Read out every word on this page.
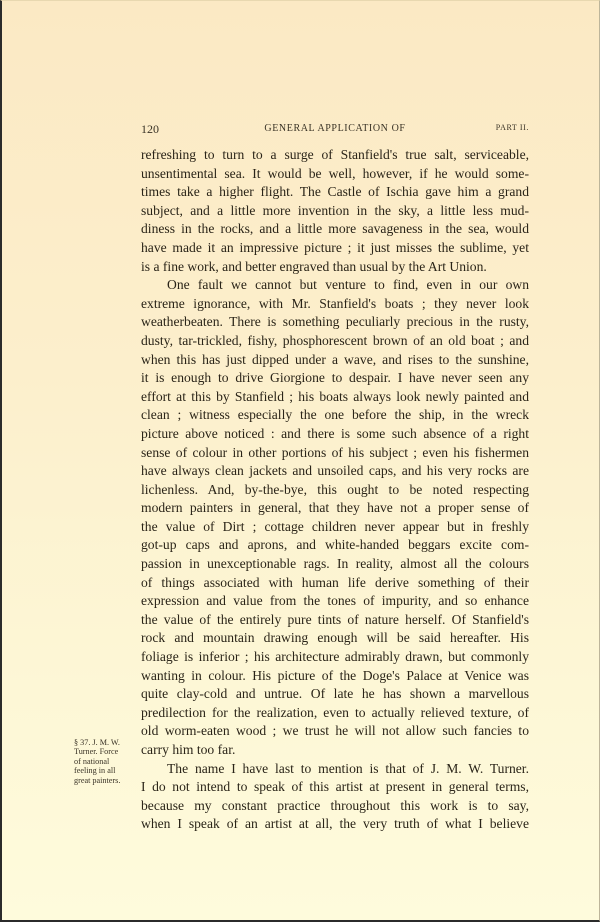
120	GENERAL APPLICATION OF	PART II.
refreshing to turn to a surge of Stanfield's true salt, serviceable,
unsentimental sea. It would be well, however, if he would some-
times take a higher flight. The Castle of Ischia gave him a grand
subject, and a little more invention in the sky, a little less mud-
diness in the rocks, and a little more savageness in the sea, would
have made it an impressive picture ; it just misses the sublime, yet
is a fine work, and better engraved than usual by the Art Union.
One fault we cannot but venture to find, even in our own
extreme ignorance, with Mr. Stanfield's boats ; they never look
weatherbeaten. There is something peculiarly precious in the rusty,
dusty, tar-trickled, fishy, phosphorescent brown of an old boat ; and
when this has just dipped under a wave, and rises to the sunshine,
it is enough to drive Giorgione to despair. I have never seen any
effort at this by Stanfield ; his boats always look newly painted and
clean ; witness especially the one before the ship, in the wreck
picture above noticed : and there is some such absence of a right
sense of colour in other portions of his subject ; even his fishermen
have always clean jackets and unsoiled caps, and his very rocks are
lichenless. And, by-the-bye, this ought to be noted respecting
modern painters in general, that they have not a proper sense of
the value of Dirt ; cottage children never appear but in freshly
got-up caps and aprons, and white-handed beggars excite com-
passion in unexceptionable rags. In reality, almost all the colours
of things associated with human life derive something of their
expression and value from the tones of impurity, and so enhance
the value of the entirely pure tints of nature herself. Of Stanfield's
rock and mountain drawing enough will be said hereafter. His
foliage is inferior ; his architecture admirably drawn, but commonly
wanting in colour. His picture of the Doge's Palace at Venice was
quite clay-cold and untrue. Of late he has shown a marvellous
predilection for the realization, even to actually relieved texture, of
old worm-eaten wood ; we trust he will not allow such fancies to
carry him too far.
The name I have last to mention is that of J. M. W. Turner.
I do not intend to speak of this artist at present in general terms,
because my constant practice throughout this work is to say,
when I speak of an artist at all, the very truth of what I believe
§ 37. J. M. W.
Turner. Force
of national
feeling in all
great painters.
